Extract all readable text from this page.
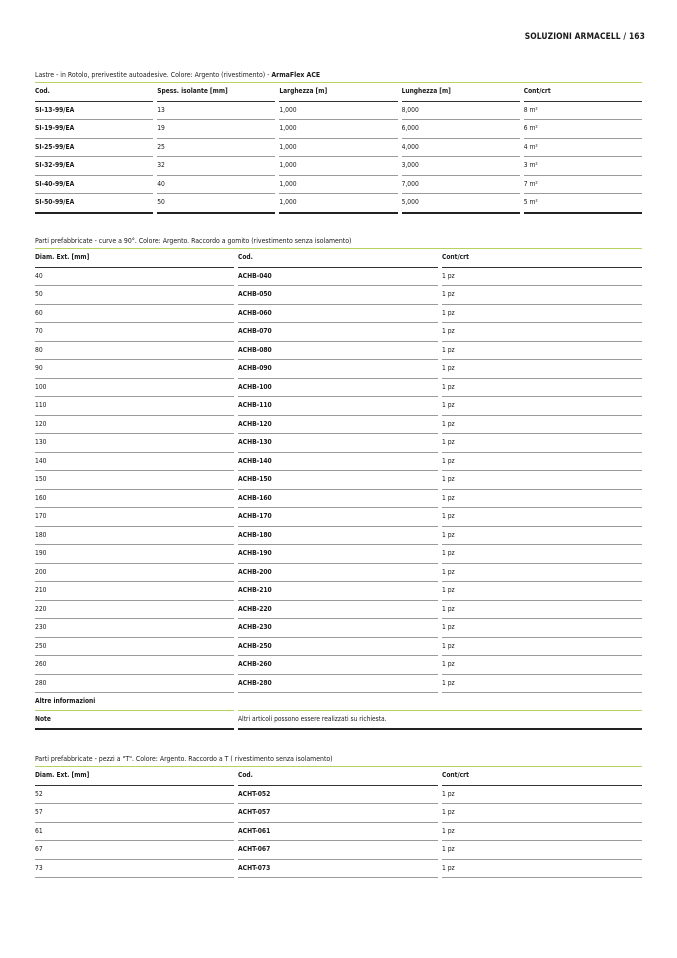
SOLUZIONI ARMACELL / 163
Lastre - in Rotolo, prerivestite autoadesive. Colore: Argento (rivestimento) - ArmaFlex ACE
Cod.	Spess. isolante [mm]	Larghezza [m]	Lunghezza [m]	Cont/crt
SI-13-99/EA	13	1,000	8,000	8 m²
SI-19-99/EA	19	1,000	6,000	6 m²
SI-25-99/EA	25	1,000	4,000	4 m²
SI-32-99/EA	32	1,000	3,000	3 m²
SI-40-99/EA	40	1,000	7,000	7 m²
SI-50-99/EA	50	1,000	5,000	5 m²
Parti prefabbricate - curve a 90°. Colore: Argento. Raccordo a gomito (rivestimento senza isolamento)
Diam. Ext. [mm]	Cod.	Cont/crt
40	ACHB-040	1 pz
50	ACHB-050	1 pz
60	ACHB-060	1 pz
70	ACHB-070	1 pz
80	ACHB-080	1 pz
90	ACHB-090	1 pz
100	ACHB-100	1 pz
110	ACHB-110	1 pz
120	ACHB-120	1 pz
130	ACHB-130	1 pz
140	ACHB-140	1 pz
150	ACHB-150	1 pz
160	ACHB-160	1 pz
170	ACHB-170	1 pz
180	ACHB-180	1 pz
190	ACHB-190	1 pz
200	ACHB-200	1 pz
210	ACHB-210	1 pz
220	ACHB-220	1 pz
230	ACHB-230	1 pz
250	ACHB-250	1 pz
260	ACHB-260	1 pz
280	ACHB-280	1 pz
Altre informazioni
Note	Altri articoli possono essere realizzati su richiesta.
Parti prefabbricate - pezzi a "T". Colore: Argento. Raccordo a T ( rivestimento senza isolamento)
Diam. Ext. [mm]	Cod.	Cont/crt
52	ACHT-052	1 pz
57	ACHT-057	1 pz
61	ACHT-061	1 pz
67	ACHT-067	1 pz
73	ACHT-073	1 pz
